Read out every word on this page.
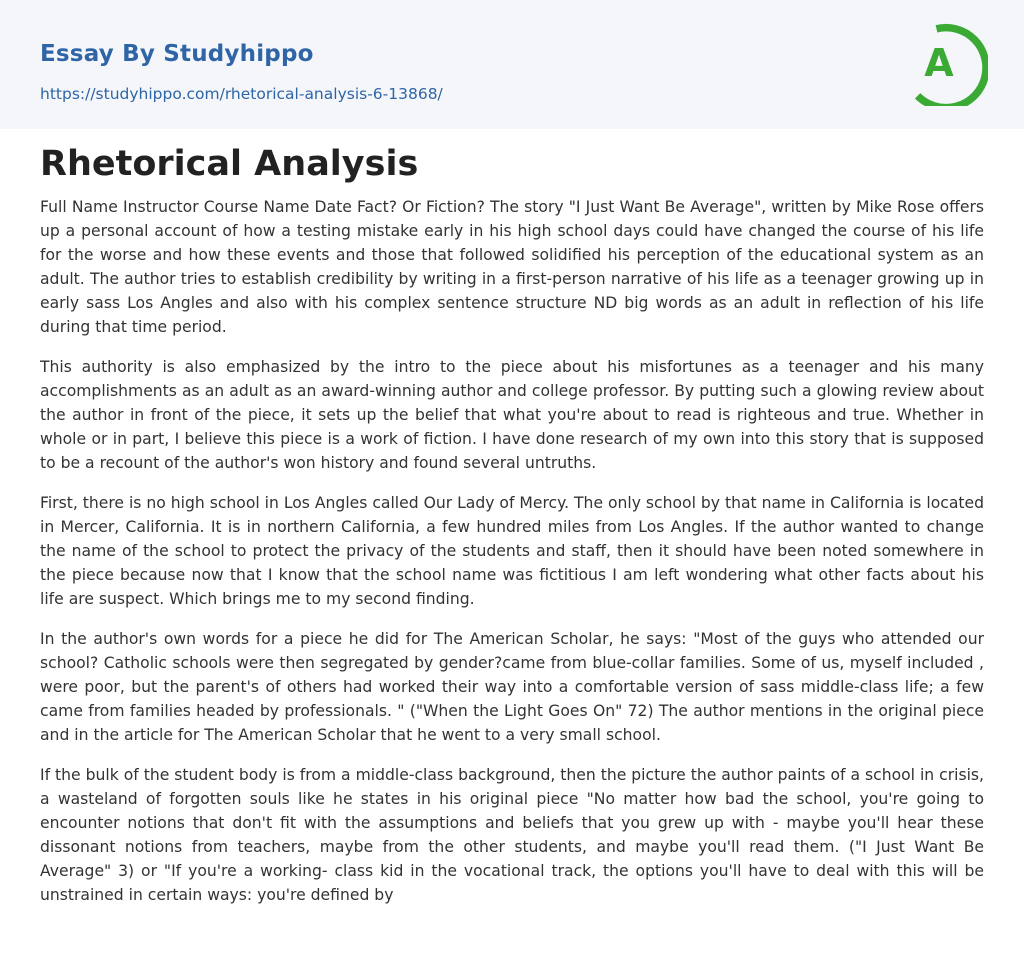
Essay By Studyhippo
https://studyhippo.com/rhetorical-analysis-6-13868/
A
Rhetorical Analysis

Full Name Instructor Course Name Date Fact? Or Fiction? The story "I Just Want Be Average", written by Mike Rose offers up a personal account of how a testing mistake early in his high school days could have changed the course of his life for the worse and how these events and those that followed solidified his perception of the educational system as an adult. The author tries to establish credibility by writing in a first-person narrative of his life as a teenager growing up in early sass Los Angles and also with his complex sentence structure ND big words as an adult in reflection of his life during that time period.

This authority is also emphasized by the intro to the piece about his misfortunes as a teenager and his many accomplishments as an adult as an award-winning author and college professor. By putting such a glowing review about the author in front of the piece, it sets up the belief that what you're about to read is righteous and true. Whether in whole or in part, I believe this piece is a work of fiction. I have done research of my own into this story that is supposed to be a recount of the author's won history and found several untruths.

First, there is no high school in Los Angles called Our Lady of Mercy. The only school by that name in California is located in Mercer, California. It is in northern California, a few hundred miles from Los Angles. If the author wanted to change the name of the school to protect the privacy of the students and staff, then it should have been noted somewhere in the piece because now that I know that the school name was fictitious I am left wondering what other facts about his life are suspect. Which brings me to my second finding.

In the author's own words for a piece he did for The American Scholar, he says: "Most of the guys who attended our school? Catholic schools were then segregated by gender?came from blue-collar families. Some of us, myself included , were poor, but the parent's of others had worked their way into a comfortable version of sass middle-class life; a few came from families headed by professionals. " ("When the Light Goes On" 72) The author mentions in the original piece and in the article for The American Scholar that he went to a very small school.

If the bulk of the student body is from a middle-class background, then the picture the author paints of a school in crisis, a wasteland of forgotten souls like he states in his original piece "No matter how bad the school, you're going to encounter notions that don't fit with the assumptions and beliefs that you grew up with - maybe you'll hear these dissonant notions from teachers, maybe from the other students, and maybe you'll read them. ("I Just Want Be Average" 3) or "If you're a working- class kid in the vocational track, the options you'll have to deal with this will be unstrained in certain ways: you're defined by
